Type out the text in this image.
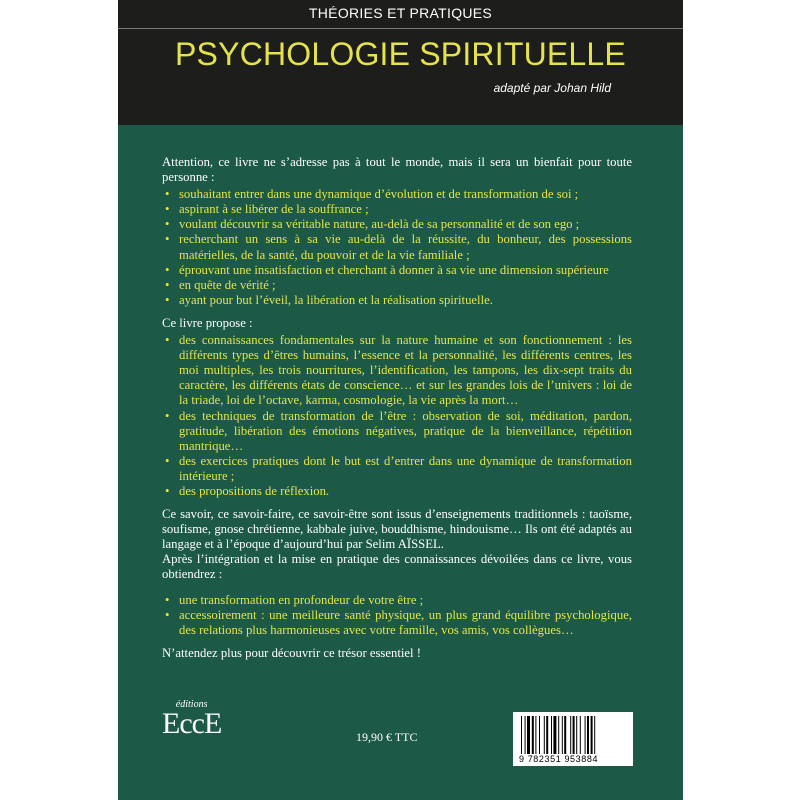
THÉORIES ET PRATIQUES
PSYCHOLOGIE SPIRITUELLE
adapté par Johan Hild

Attention, ce livre ne s’adresse pas à tout le monde, mais il sera un bienfait pour toute personne :

• souhaitant entrer dans une dynamique d’évolution et de transformation de soi ;
• aspirant à se libérer de la souffrance ;
• voulant découvrir sa véritable nature, au-delà de sa personnalité et de son ego ;
• recherchant un sens à sa vie au-delà de la réussite, du bonheur, des possessions matérielles, de la santé, du pouvoir et de la vie familiale ;
• éprouvant une insatisfaction et cherchant à donner à sa vie une dimension supérieure
• en quête de vérité ;
• ayant pour but l’éveil, la libération et la réalisation spirituelle.

Ce livre propose :

• des connaissances fondamentales sur la nature humaine et son fonctionnement : les différents types d’êtres humains, l’essence et la personnalité, les différents centres, les moi multiples, les trois nourritures, l’identification, les tampons, les dix-sept traits du caractère, les différents états de conscience… et sur les grandes lois de l’univers : loi de la triade, loi de l’octave, karma, cosmologie, la vie après la mort…
• des techniques de transformation de l’être : observation de soi, méditation, pardon, gratitude, libération des émotions négatives, pratique de la bienveillance, répétition mantrique…
• des exercices pratiques dont le but est d’entrer dans une dynamique de transformation intérieure ;
• des propositions de réflexion.

Ce savoir, ce savoir-faire, ce savoir-être sont issus d’enseignements traditionnels : taoïsme, soufisme, gnose chrétienne, kabbale juive, bouddhisme, hindouisme… Ils ont été adaptés au langage et à l’époque d’aujourd’hui par Selim AÏSSEL.

Après l’intégration et la mise en pratique des connaissances dévoilées dans ce livre, vous obtiendrez :

• une transformation en profondeur de votre être ;
• accessoirement : une meilleure santé physique, un plus grand équilibre psychologique, des relations plus harmonieuses avec votre famille, vos amis, vos collègues…

N’attendez plus pour découvrir ce trésor essentiel !

éditions
EccE	19,90 € TTC
9 782351 953884
